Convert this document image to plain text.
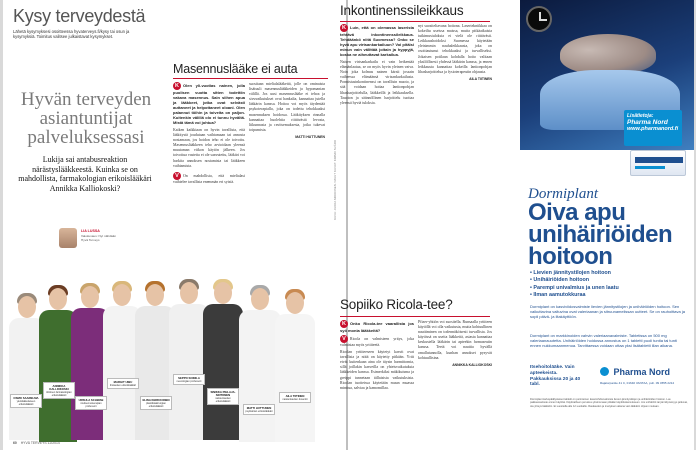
Kysy terveydestä
Lähetä kysymyksesi osoitteessa hyvaterveys.fi/kysy tai osun ja kysymyksiä. Toimitus valitsee julkaistavat kysymykset.
Hyvän terveyden asiantuntijat palveluksessasi
Lukija sai antabusreaktion närästyslääkkeestä. Kuinka se on mahdollista, farmakologian erikoislääkäri Annikka Kalliokoski?
LIA LUSSA
Valokuvaus: Nyt nähdään Hyvä Terveys
Masennuslääke ei auta
K Olen yli-vuotias nainen, jolla puolisen vuotta sitten todettiin vakava masennus. Sain siihen apua ja lääkkeet, jotka ovat selvästi auttaneet ja helpottaneet oloani. Olen palannut töihin ja toiveita on paljon. Kuitenkin välillä olo ei tunnu hyvältä. Mistä tämä voi johtua?
Kaiken kaikkiaan on hyvin tavallista, että lääkitystä joudutaan vaihtamaan tai annosta nostamaan, jos hoidon teho ei ole toivottu. Masennuslääkkeen teho arvioidaan yleensä muutaman viikon käytön jälkeen. Jos toivottua vastetta ei ole saavutettu, lääkäri voi harkita annoksen nostamista tai lääkkeen vaihtamista.
V On mahdollista, että mielialasi vaihtelee tavallista enemmän eri syistä.
suositaan mielialalääkettä, jolle on ominaista lisätuuli masennuslääkkeiden ja hypomanian välillä. Jos uusi masennuslääke ei tehoa ja sivuvaikutukset ovat hankalia, kannattaa jutella lääkärin kanssa. Hoitoa voi myös täydentää psykoterapialla, joka on todettu tehokkaaksi masennuksen hoidossa. Lääkityksen rinnalla kannattaa huolehtia riittävästä levosta, liikunnasta ja ravitsemuksesta, jotka tukevat toipumista.
MATTI HUTTUNEN
KUVA: JUKKA MIKKONEN / MUUT KUVAT: KIMMO SVÄRD
OSMO SAARELMA
yleislääketieteen erikoislääkäri
ANNIKKA KALLIOKOSKI
kliinisen farmakologian erikoislääkäri
URSULA SCHWAB
ravitsemusterapian professori
MARGIT UIBU
ihotautien erikoislääkäri
ELINA KERKKONEN
plastiikkakirurgian erikoislääkäri
SEPPO SOINILA
neurologian professori
SINIKKA PIHLAJA-SINTONEN
naistentautien erikoislääkäri
MATTI HUTTUNEN
psykiatrian erikoislääkäri
AILA TIITINEN
naistentautien dosentti
60 HYVÄ TERVEYS 12/2014
Inkontinenssileikkaus
K Luin, että on olemassa laserista tehtävä inkontinenssileikkaus. Tehdäänkö niitä Suomessa? Onko se hyvä apu virtsankarkailuun? Voi pitäisi minun vain välittää joitain ja hyppyjä, koska ne aiheuttavat karkailua.
Naisen virtsankarkailu ei vain heikentää elämänlaatua, se on myös hyvin yleinen vaiva. Noin joka kolmas nainen kärsii jossain vaiheessa elämäänsä virtsankarkailusta. Ponnistusinkontinenssi on tavallisin muoto, ja sitä voidaan hoitaa lantionpohjan lihasharjoittelulla, lääkkeillä ja leikkauksella. Tauoton ja säännöllinen harjoittelu tuottaa yleensä hyviä tuloksia.
nyt suositeltavana hoitona. Lasertekniikkaa on kokeiltu useissa maissa, mutta pitkäaikaisia tutkimustuloksia ei vielä ole riittävästi. Leikkaushoidoksi Suomessa käytetään yleisimmin nauhaleikkausta, joka on osoittautunut tehokkaaksi ja turvalliseksi. Jokaisen potilaan kohdalla hoito valitaan yksilöllisesti yhdessä lääkärin kanssa, ja ennen leikkausta kannattaa kokeilla lantionpohjan lihasharjoittelua ja fysioterapeutin ohjausta.
AILA TIITINEN
Sopiiko Ricola-tee?
K Onko Ricola-tee vaarallista jos syö monia lääkkeitä?
V Ricola on valmisteen yritys, joka valmistaa myös yrttiteetä.
Ricolan yrttiteeseen käytetyt kasvit ovat tavallisia ja niitä on käytetty pitkään. Yrtit eivät kuitenkaan aina ole täysin harmittomia, sillä joillakin kasveilla on yhteisvaikutuksia lääkkeiden kanssa. Esimerkiksi mäkikuisma ja greippi tunnetaan tällaisista vaikutuksista. Ricolan tuotteissa käytetään muun muassa minttua, salviaa ja kamomillaa.
Pfizer-yhtiön voi suositella. Runsaalla yrttiteen käytöllä voi olla vaikutusta, mutta kohtuullinen nauttiminen on todennäköisesti turvallista. Jos käytössä on useita lääkkeitä, asiasta kannattaa keskustella lääkärin tai apteekin farmaseutin kanssa. Teetä voi nauttia hyvällä omallatunnolla, kunhan annokset pysyvät kohtuullisina.
ANNIKKA KALLIOKOSKI
Lisätietoja:
Pharma Nord
www.pharmanord.fi
Dormiplant
Oiva apu
unihäiriöiden
hoitoon
• Lievien jännitystilojen hoitoon
• Unihäiriöiden hoitoon
• Parempi univalmius ja unen laatu
• Ilman aamutokkuraa
Dormiplant on kasviviidosvalmiste lievien jännitystilojen ja unihäiriöiden hoitoon. Sen vaikuttavina valtuvina ovat valeriaanan ja sitruunamelissan uutteet. Se on rauhoittava ja sopii päivä- ja iltakäyttöön.
Dormiplant on markkinoiden vahvin valeriaanavalmiste. Tabletissa on 500 mg valeriaanauutetta. Unihäiriöiden hoidossa annostus on 1 tabletti puoli tuntia tai tunti ennen nukkumaanmenoa. Tarvittaessa voidaan ottaa yksi lisätabletti illan aikana.
Itsehoitolääke. Vain apteekeista. Pakkauksissa 20 ja 40 tabl.
Pharma Nord
Rajatorpantie 41 C, 01640 VANTAA, puh. 09 4555 2212
Dormiplant kalvopäällysteiset tabletit on perinteinen kasvirohdosvalmiste lievien jännitystilojen ja unihäiriöiden hoitoon. Lue pakkausseloste ennen käyttöä. Käyttöaiheen perustuu yksinomaan pitkään käyttökokemukseen. Jos unihäiriöt tai jännittyneisyys jatkuvat, ota yhteys lääkäriin. Ei suositella alle 12-vuotiaille. Raskauden ja imetyksen aikana vain lääkärin ohjeen mukaan.
